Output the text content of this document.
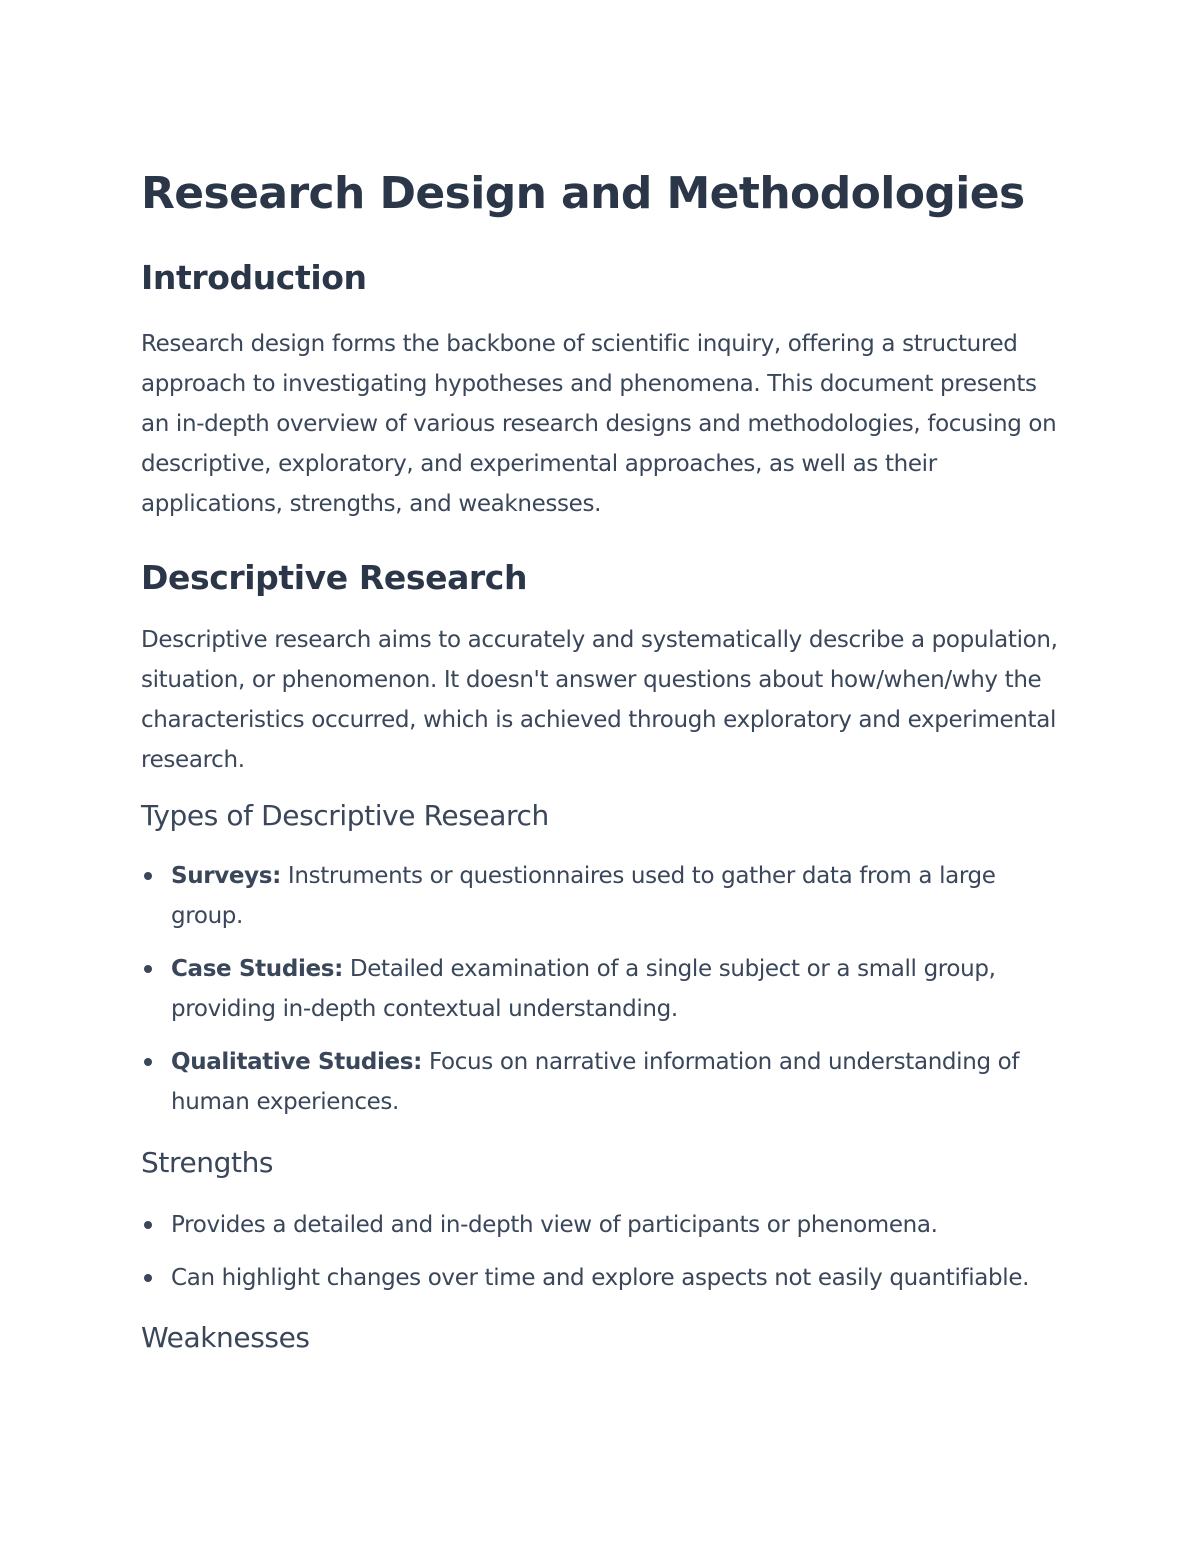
Research Design and Methodologies
Introduction

Research design forms the backbone of scientific inquiry, offering a structured approach to investigating hypotheses and phenomena. This document presents an in-depth overview of various research designs and methodologies, focusing on descriptive, exploratory, and experimental approaches, as well as their applications, strengths, and weaknesses.

Descriptive Research

Descriptive research aims to accurately and systematically describe a population, situation, or phenomenon. It doesn't answer questions about how/when/why the characteristics occurred, which is achieved through exploratory and experimental research.

Types of Descriptive Research
Surveys: Instruments or questionnaires used to gather data from a large group.
Case Studies: Detailed examination of a single subject or a small group, providing in-depth contextual understanding.
Qualitative Studies: Focus on narrative information and understanding of human experiences.
Strengths
Provides a detailed and in-depth view of participants or phenomena.
Can highlight changes over time and explore aspects not easily quantifiable.
Weaknesses
